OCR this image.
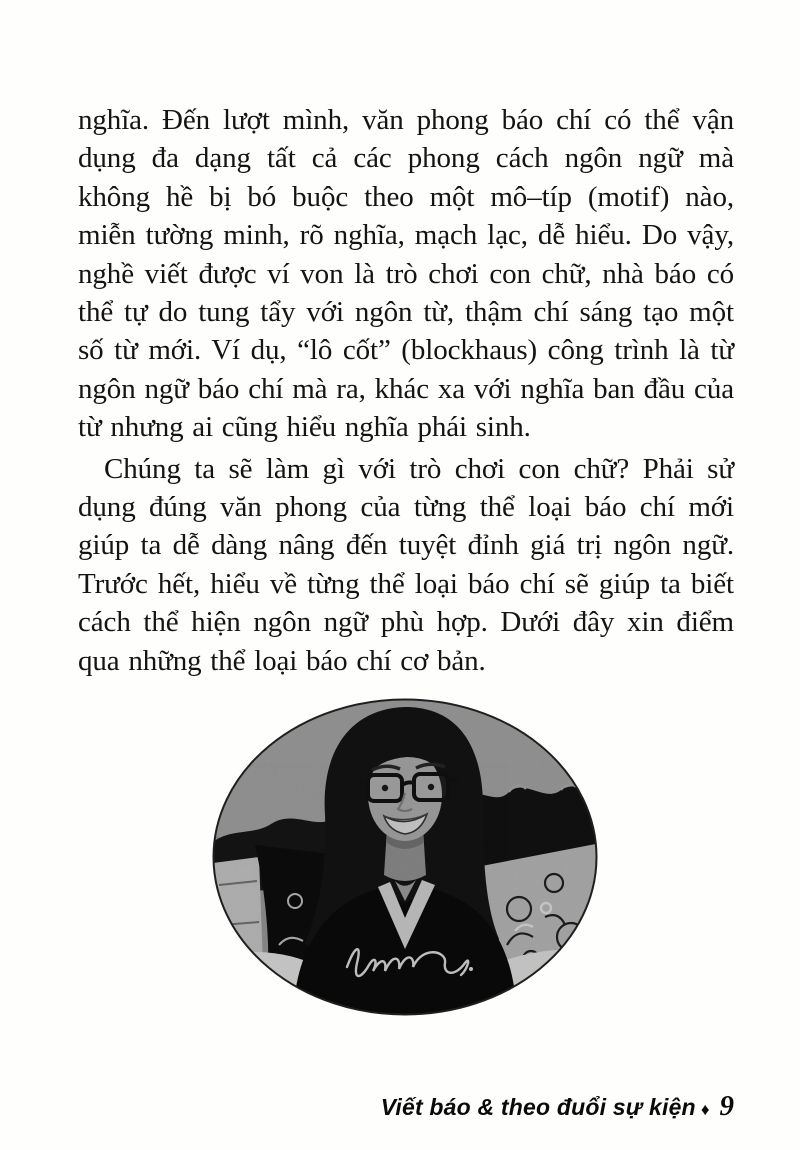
nghĩa. Đến lượt mình, văn phong báo chí có thể vận dụng đa dạng tất cả các phong cách ngôn ngữ mà không hề bị bó buộc theo một mô–típ (motif) nào, miễn tường minh, rõ nghĩa, mạch lạc, dễ hiểu. Do vậy, nghề viết được ví von là trò chơi con chữ, nhà báo có thể tự do tung tẩy với ngôn từ, thậm chí sáng tạo một số từ mới. Ví dụ, “lô cốt” (blockhaus) công trình là từ ngôn ngữ báo chí mà ra, khác xa với nghĩa ban đầu của từ nhưng ai cũng hiểu nghĩa phái sinh.

Chúng ta sẽ làm gì với trò chơi con chữ? Phải sử dụng đúng văn phong của từng thể loại báo chí mới giúp ta dễ dàng nâng đến tuyệt đỉnh giá trị ngôn ngữ. Trước hết, hiểu về từng thể loại báo chí sẽ giúp ta biết cách thể hiện ngôn ngữ phù hợp. Dưới đây xin điểm qua những thể loại báo chí cơ bản.

Viết báo & theo đuổi sự kiện ♦ 9
